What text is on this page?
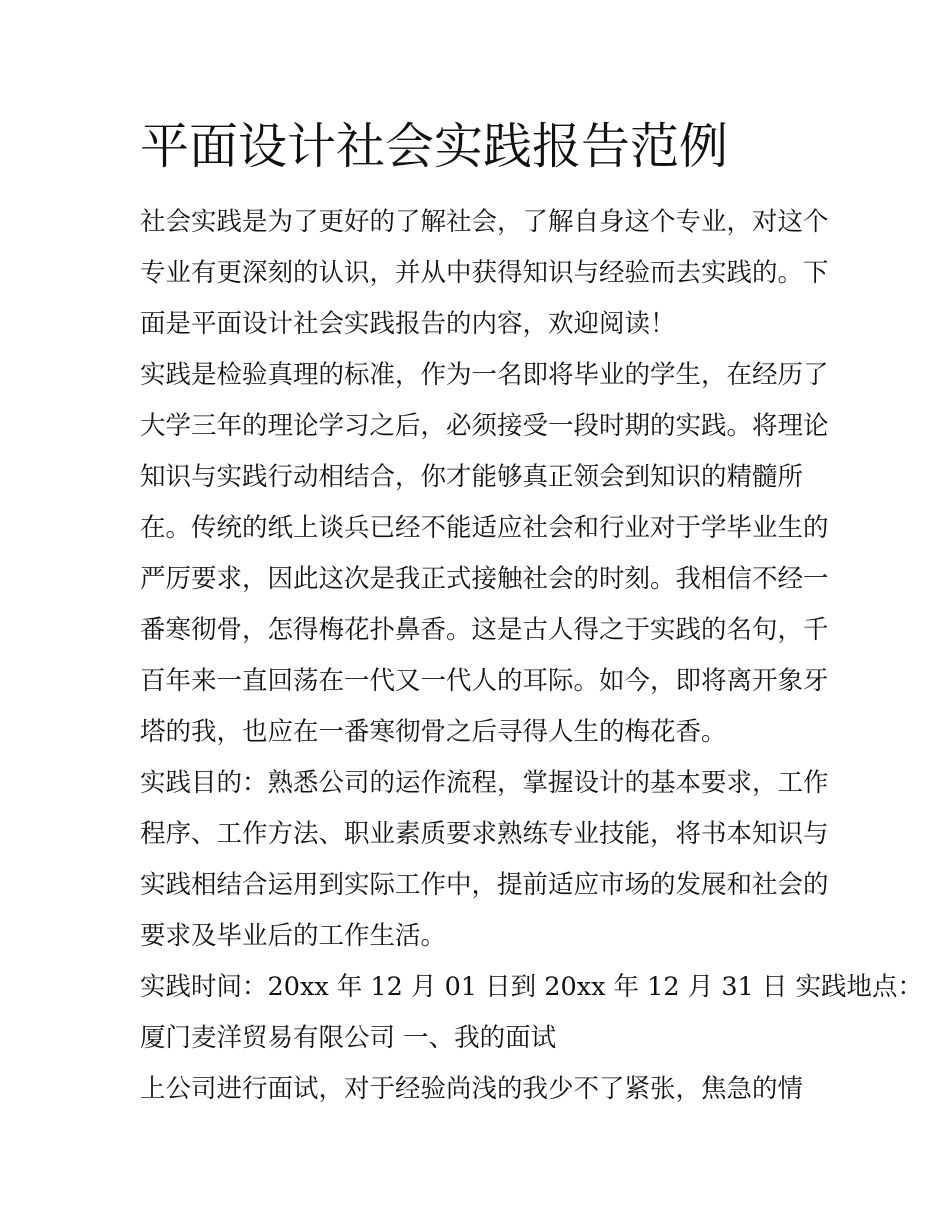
平面设计社会实践报告范例

社会实践是为了更好的了解社会，了解自身这个专业，对这个

专业有更深刻的认识，并从中获得知识与经验而去实践的。下

面是平面设计社会实践报告的内容，欢迎阅读！

实践是检验真理的标准，作为一名即将毕业的学生，在经历了

大学三年的理论学习之后，必须接受一段时期的实践。将理论

知识与实践行动相结合，你才能够真正领会到知识的精髓所

在。传统的纸上谈兵已经不能适应社会和行业对于学毕业生的

严厉要求，因此这次是我正式接触社会的时刻。我相信不经一

番寒彻骨，怎得梅花扑鼻香。这是古人得之于实践的名句，千

百年来一直回荡在一代又一代人的耳际。如今，即将离开象牙

塔的我，也应在一番寒彻骨之后寻得人生的梅花香。

实践目的：熟悉公司的运作流程，掌握设计的基本要求，工作

程序、工作方法、职业素质要求熟练专业技能，将书本知识与

实践相结合运用到实际工作中，提前适应市场的发展和社会的

要求及毕业后的工作生活。

实践时间：20xx 年 12 月 01 日到 20xx 年 12 月 31 日 实践地点：

厦门麦洋贸易有限公司 一、我的面试

上公司进行面试，对于经验尚浅的我少不了紧张，焦急的情
